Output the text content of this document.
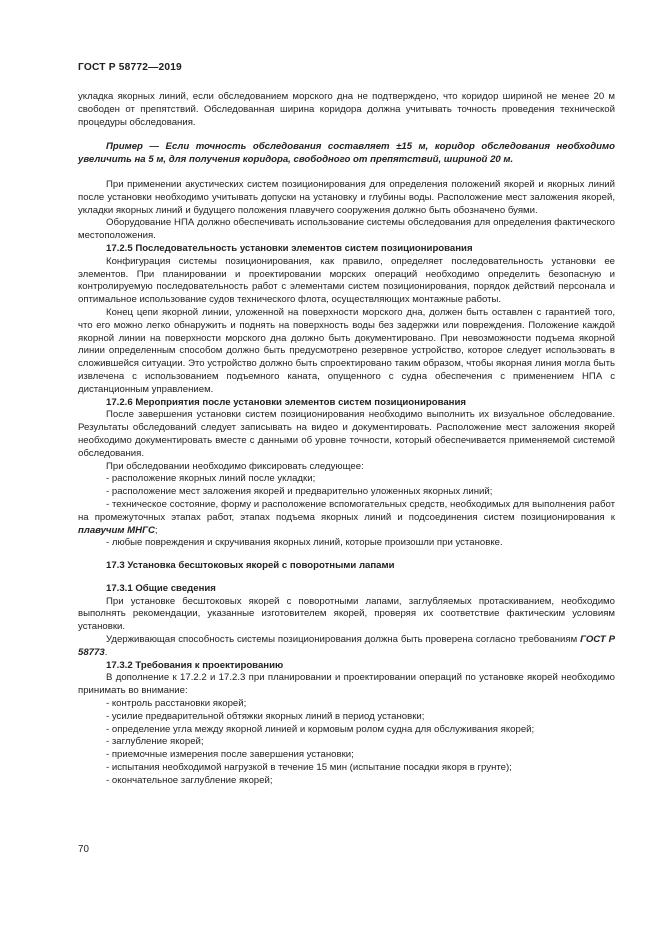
ГОСТ Р 58772—2019

укладка якорных линий, если обследованием морского дна не подтверждено, что коридор шириной не менее 20 м свободен от препятствий. Обследованная ширина коридора должна учитывать точность проведения технической процедуры обследования.

Пример — Если точность обследования составляет ±15 м, коридор обследования необходимо увеличить на 5 м, для получения коридора, свободного от препятствий, шириной 20 м.

При применении акустических систем позиционирования для определения положений якорей и якорных линий после установки необходимо учитывать допуски на установку и глубины воды. Расположение мест заложения якорей, укладки якорных линий и будущего положения плавучего сооружения должно быть обозначено буями.

Оборудование НПА должно обеспечивать использование системы обследования для определения фактического местоположения.

17.2.5 Последовательность установки элементов систем позиционирования

Конфигурация системы позиционирования, как правило, определяет последовательность установки ее элементов. При планировании и проектировании морских операций необходимо определить безопасную и контролируемую последовательность работ с элементами систем позиционирования, порядок действий персонала и оптимальное использование судов технического флота, осуществляющих монтажные работы.

Конец цепи якорной линии, уложенной на поверхности морского дна, должен быть оставлен с гарантией того, что его можно легко обнаружить и поднять на поверхность воды без задержки или повреждения. Положение каждой якорной линии на поверхности морского дна должно быть документировано. При невозможности подъема якорной линии определенным способом должно быть предусмотрено резервное устройство, которое следует использовать в сложившейся ситуации. Это устройство должно быть спроектировано таким образом, чтобы якорная линия могла быть извлечена с использованием подъемного каната, опущенного с судна обеспечения с применением НПА с дистанционным управлением.

17.2.6 Мероприятия после установки элементов систем позиционирования

После завершения установки систем позиционирования необходимо выполнить их визуальное обследование. Результаты обследований следует записывать на видео и документировать. Расположение мест заложения якорей необходимо документировать вместе с данными об уровне точности, который обеспечивается применяемой системой обследования.

При обследовании необходимо фиксировать следующее:

- расположение якорных линий после укладки;

- расположение мест заложения якорей и предварительно уложенных якорных линий;

- техническое состояние, форму и расположение вспомогательных средств, необходимых для выполнения работ на промежуточных этапах работ, этапах подъема якорных линий и подсоединения систем позиционирования к плавучим МНГС;

- любые повреждения и скручивания якорных линий, которые произошли при установке.

17.3 Установка бесштоковых якорей с поворотными лапами

17.3.1 Общие сведения

При установке бесштоковых якорей с поворотными лапами, заглубляемых протаскиванием, необходимо выполнять рекомендации, указанные изготовителем якорей, проверяя их соответствие фактическим условиям установки.

Удерживающая способность системы позиционирования должна быть проверена согласно требованиям ГОСТ Р 58773.

17.3.2 Требования к проектированию

В дополнение к 17.2.2 и 17.2.3 при планировании и проектировании операций по установке якорей необходимо принимать во внимание:

- контроль расстановки якорей;

- усилие предварительной обтяжки якорных линий в период установки;

- определение угла между якорной линией и кормовым ролом судна для обслуживания якорей;

- заглубление якорей;

- приемочные измерения после завершения установки;

- испытания необходимой нагрузкой в течение 15 мин (испытание посадки якоря в грунте);

- окончательное заглубление якорей;

70
